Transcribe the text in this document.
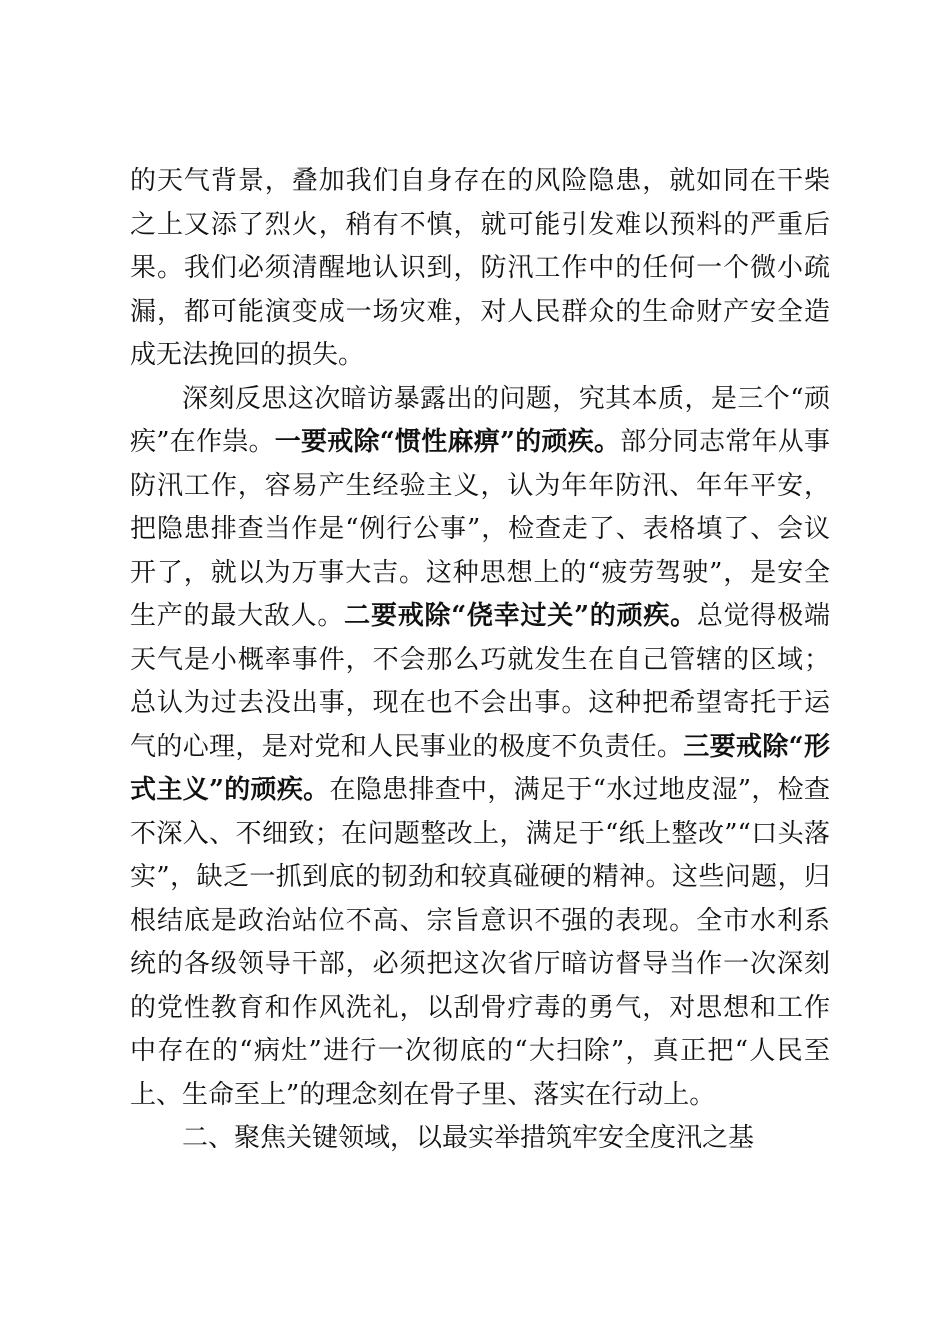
的天气背景，叠加我们自身存在的风险隐患，就如同在干柴之上又添了烈火，稍有不慎，就可能引发难以预料的严重后果。我们必须清醒地认识到，防汛工作中的任何一个微小疏漏，都可能演变成一场灾难，对人民群众的生命财产安全造成无法挽回的损失。

深刻反思这次暗访暴露出的问题，究其本质，是三个“顽疾”在作祟。一要戒除“惯性麻痹”的顽疾。部分同志常年从事防汛工作，容易产生经验主义，认为年年防汛、年年平安，把隐患排查当作是“例行公事”，检查走了、表格填了、会议开了，就以为万事大吉。这种思想上的“疲劳驾驶”，是安全生产的最大敌人。二要戒除“侥幸过关”的顽疾。总觉得极端天气是小概率事件，不会那么巧就发生在自己管辖的区域；总认为过去没出事，现在也不会出事。这种把希望寄托于运气的心理，是对党和人民事业的极度不负责任。三要戒除“形式主义”的顽疾。在隐患排查中，满足于“水过地皮湿”，检查不深入、不细致；在问题整改上，满足于“纸上整改”“口头落实”，缺乏一抓到底的韧劲和较真碰硬的精神。这些问题，归根结底是政治站位不高、宗旨意识不强的表现。全市水利系统的各级领导干部，必须把这次省厅暗访督导当作一次深刻的党性教育和作风洗礼，以刮骨疗毒的勇气，对思想和工作中存在的“病灶”进行一次彻底的“大扫除”，真正把“人民至上、生命至上”的理念刻在骨子里、落实在行动上。

二、聚焦关键领域，以最实举措筑牢安全度汛之基
